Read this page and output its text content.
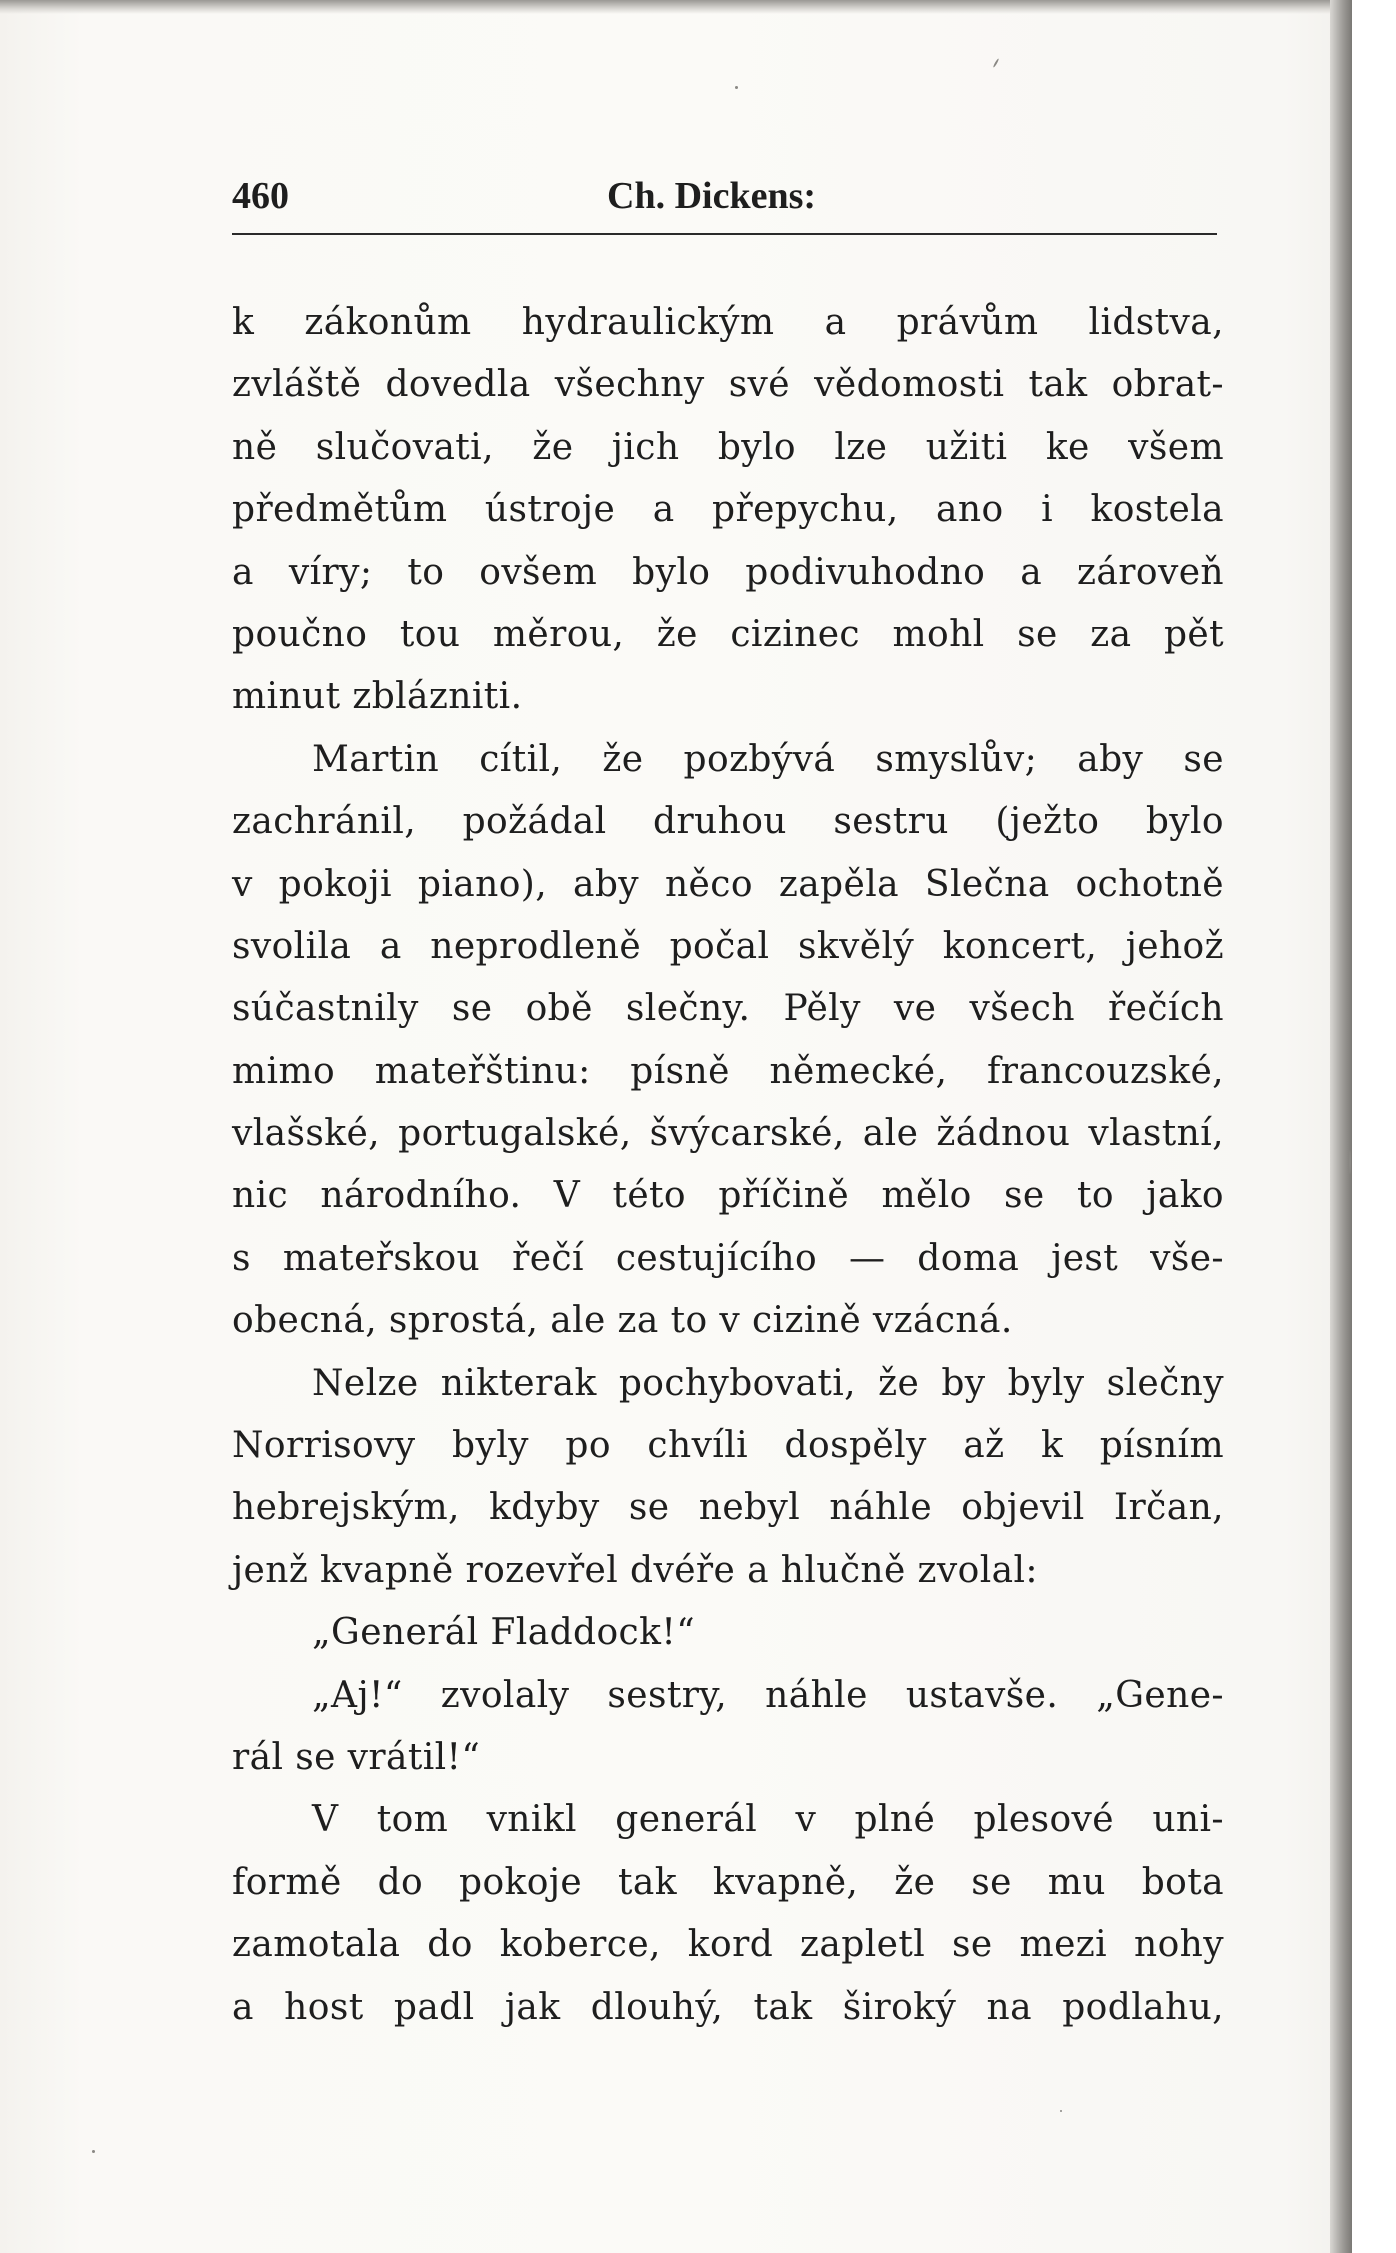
460	Ch. Dickens:
k zákonům hydraulickým a právům lidstva,
zvláště dovedla všechny své vědomosti tak obrat-
ně slučovati, že jich bylo lze užiti ke všem
předmětům ústroje a přepychu, ano i kostela
a víry; to ovšem bylo podivuhodno a zároveň
poučno tou měrou, že cizinec mohl se za pět
minut zblázniti.
Martin cítil, že pozbývá smyslův; aby se
zachránil, požádal druhou sestru (ježto bylo
v pokoji piano), aby něco zapěla Slečna ochotně
svolila a neprodleně počal skvělý koncert, jehož
súčastnily se obě slečny. Pěly ve všech řečích
mimo mateřštinu: písně německé, francouzské,
vlašské, portugalské, švýcarské, ale žádnou vlastní,
nic národního. V této příčině mělo se to jako
s mateřskou řečí cestujícího — doma jest vše-
obecná, sprostá, ale za to v cizině vzácná.
Nelze nikterak pochybovati, že by byly slečny
Norrisovy byly po chvíli dospěly až k písním
hebrejským, kdyby se nebyl náhle objevil Irčan,
jenž kvapně rozevřel dvéře a hlučně zvolal:
„Generál Fladdock!“
„Aj!“ zvolaly sestry, náhle ustavše. „Gene-
rál se vrátil!“
V tom vnikl generál v plné plesové uni-
formě do pokoje tak kvapně, že se mu bota
zamotala do koberce, kord zapletl se mezi nohy
a host padl jak dlouhý, tak široký na podlahu,
